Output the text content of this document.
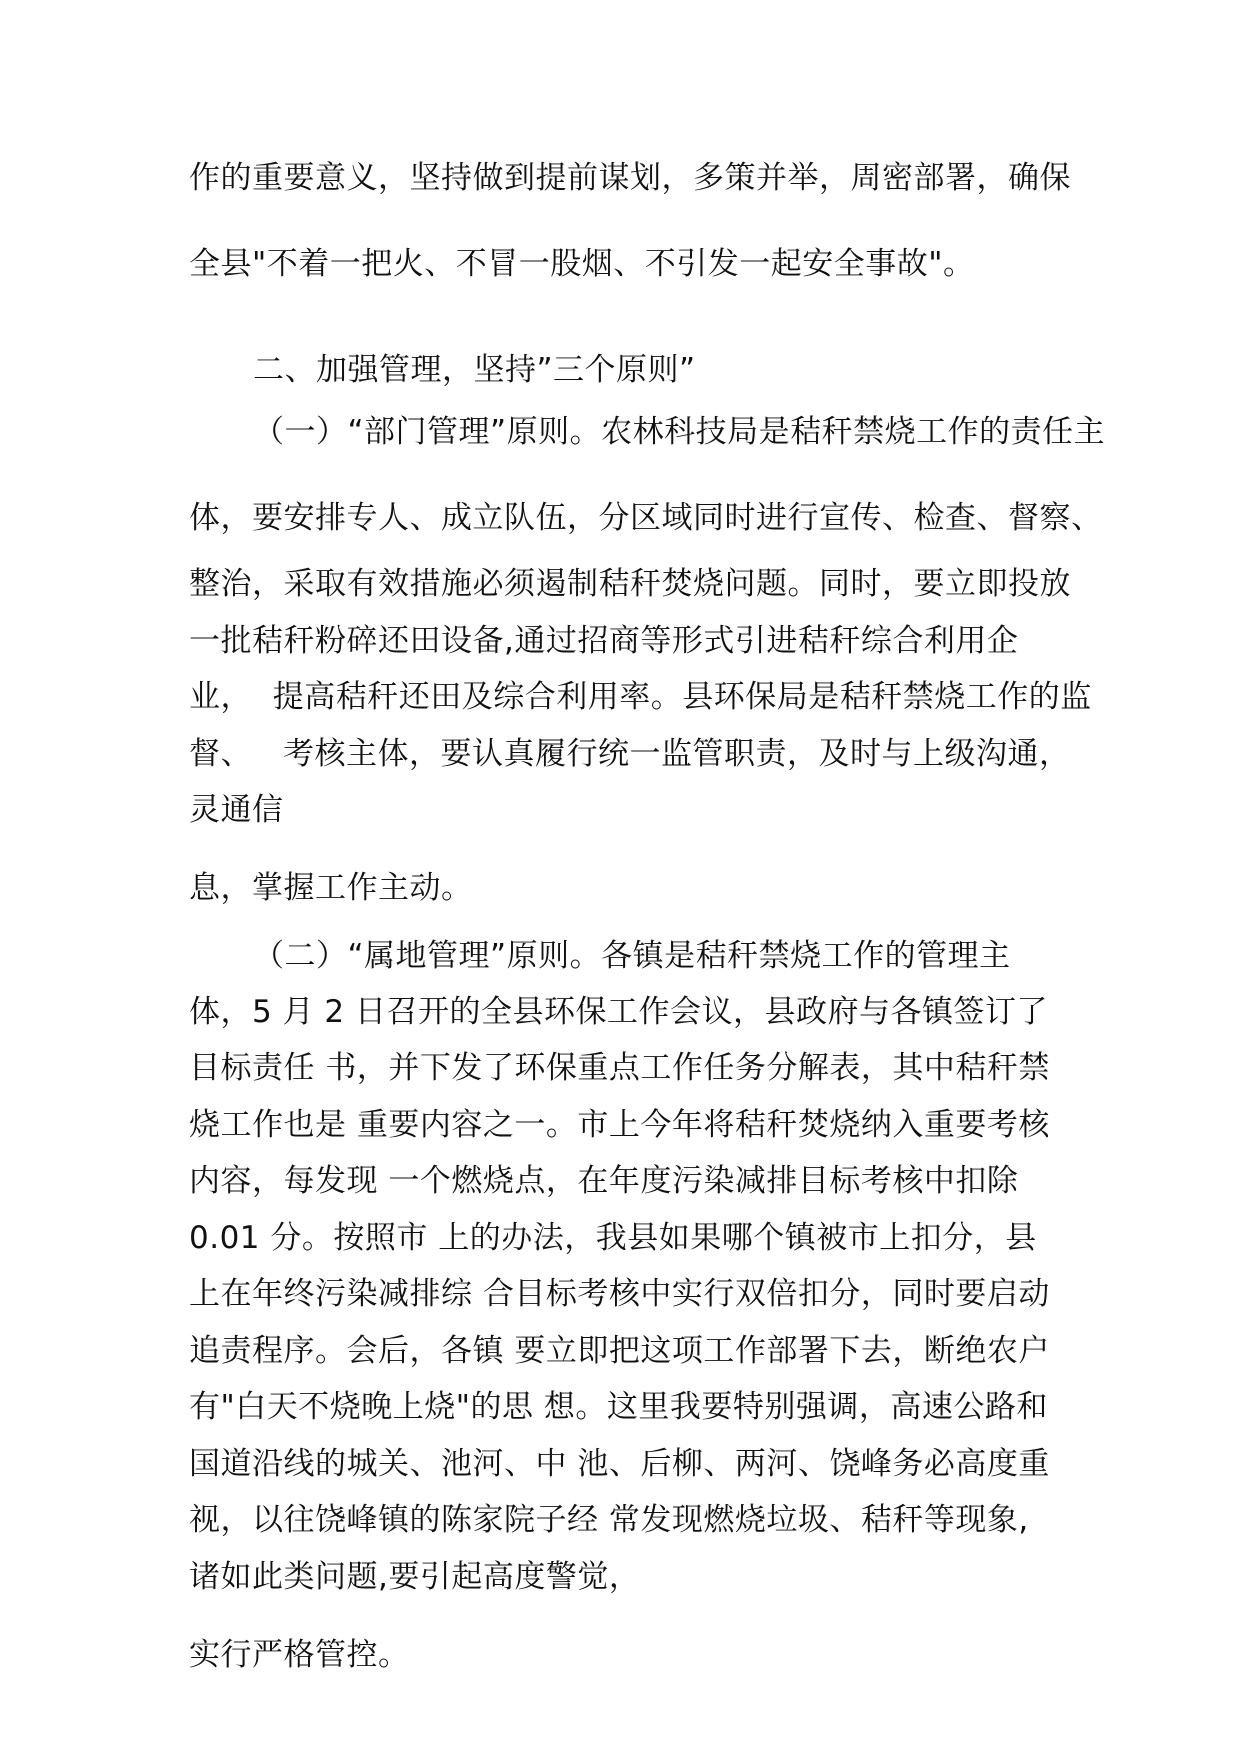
作的重要意义，坚持做到提前谋划，多策并举，周密部署，确保
全县"不着一把火、不冒一股烟、不引发一起安全事故"。
二、加强管理，坚持”三个原则”
（一）“部门管理”原则。农林科技局是秸秆禁烧工作的责任主
体，要安排专人、成立队伍，分区域同时进行宣传、检查、督察、
整治，采取有效措施必须遏制秸秆焚烧问题。同时，要立即投放
一批秸秆粉碎还田设备,通过招商等形式引进秸秆综合利用企
业，  提高秸秆还田及综合利用率。县环保局是秸秆禁烧工作的监
督、   考核主体，要认真履行统一监管职责，及时与上级沟通，
灵通信
息，掌握工作主动。
（二）“属地管理”原则。各镇是秸秆禁烧工作的管理主
体，5 月 2 日召开的全县环保工作会议，县政府与各镇签订了
目标责任 书，并下发了环保重点工作任务分解表，其中秸秆禁
烧工作也是 重要内容之一。市上今年将秸秆焚烧纳入重要考核
内容，每发现 一个燃烧点，在年度污染减排目标考核中扣除
0.01 分。按照市 上的办法，我县如果哪个镇被市上扣分，县
上在年终污染减排综 合目标考核中实行双倍扣分，同时要启动
追责程序。会后，各镇 要立即把这项工作部署下去，断绝农户
有"白天不烧晚上烧"的思 想。这里我要特别强调，高速公路和
国道沿线的城关、池河、中 池、后柳、两河、饶峰务必高度重
视，以往饶峰镇的陈家院子经 常发现燃烧垃圾、秸秆等现象,
诸如此类问题,要引起高度警觉，
实行严格管控。
